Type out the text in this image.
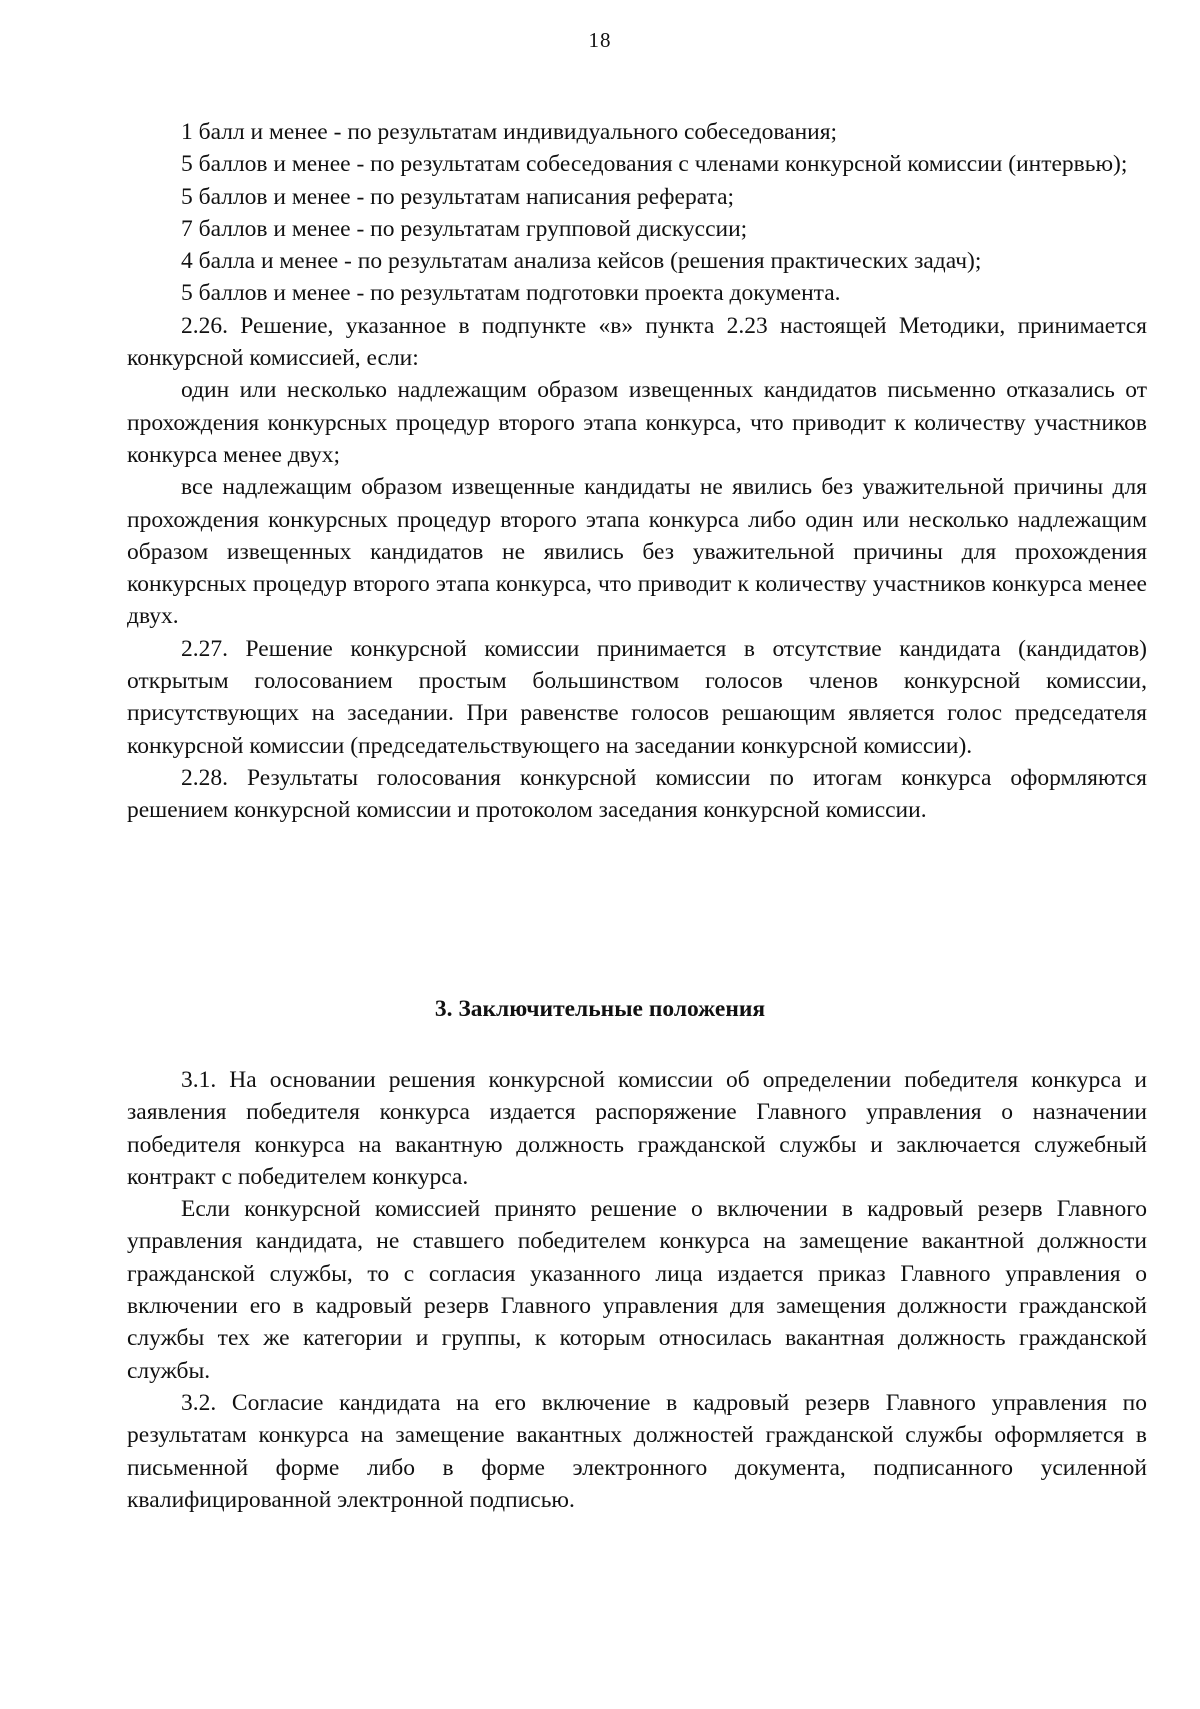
18

1 балл и менее - по результатам индивидуального собеседования;

5 баллов и менее - по результатам собеседования с членами конкурсной комиссии (интервью);

5 баллов и менее - по результатам написания реферата;

7 баллов и менее - по результатам групповой дискуссии;

4 балла и менее - по результатам анализа кейсов (решения практических задач);

5 баллов и менее - по результатам подготовки проекта документа.

2.26. Решение, указанное в подпункте «в» пункта 2.23 настоящей Методики, принимается конкурсной комиссией, если:

один или несколько надлежащим образом извещенных кандидатов письменно отказались от прохождения конкурсных процедур второго этапа конкурса, что приводит к количеству участников конкурса менее двух;

все надлежащим образом извещенные кандидаты не явились без уважительной причины для прохождения конкурсных процедур второго этапа конкурса либо один или несколько надлежащим образом извещенных кандидатов не явились без уважительной причины для прохождения конкурсных процедур второго этапа конкурса, что приводит к количеству участников конкурса менее двух.

2.27. Решение конкурсной комиссии принимается в отсутствие кандидата (кандидатов) открытым голосованием простым большинством голосов членов конкурсной комиссии, присутствующих на заседании. При равенстве голосов решающим является голос председателя конкурсной комиссии (председательствующего на заседании конкурсной комиссии).

2.28. Результаты голосования конкурсной комиссии по итогам конкурса оформляются решением конкурсной комиссии и протоколом заседания конкурсной комиссии.

3. Заключительные положения

3.1. На основании решения конкурсной комиссии об определении победителя конкурса и заявления победителя конкурса издается распоряжение Главного управления о назначении победителя конкурса на вакантную должность гражданской службы и заключается служебный контракт с победителем конкурса.

Если конкурсной комиссией принято решение о включении в кадровый резерв Главного управления кандидата, не ставшего победителем конкурса на замещение вакантной должности гражданской службы, то с согласия указанного лица издается приказ Главного управления о включении его в кадровый резерв Главного управления для замещения должности гражданской службы тех же категории и группы, к которым относилась вакантная должность гражданской службы.

3.2. Согласие кандидата на его включение в кадровый резерв Главного управления по результатам конкурса на замещение вакантных должностей гражданской службы оформляется в письменной форме либо в форме электронного документа, подписанного усиленной квалифицированной электронной подписью.
